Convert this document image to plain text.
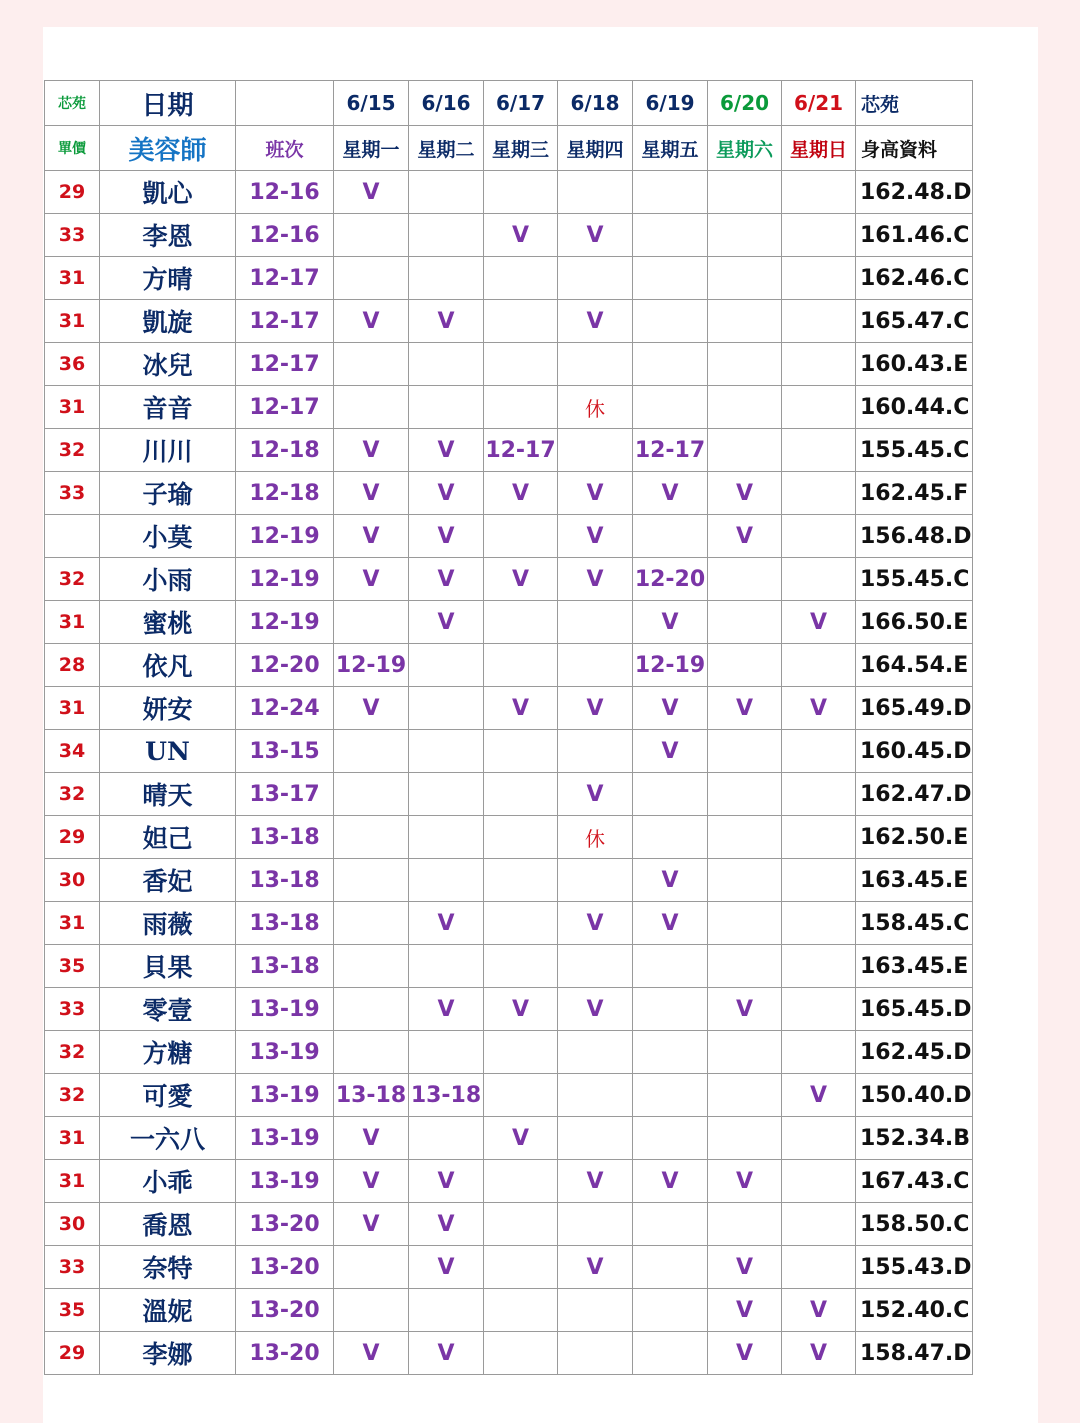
芯苑	日期		6/15	6/16	6/17	6/18	6/19	6/20	6/21	芯苑
單價	美容師	班次	星期一	星期二	星期三	星期四	星期五	星期六	星期日	身高資料
29	凱心	12-16	V							162.48.D
33	李恩	12-16			V	V				161.46.C
31	方晴	12-17								162.46.C
31	凱旋	12-17	V	V		V				165.47.C
36	冰兒	12-17								160.43.E
31	音音	12-17				休				160.44.C
32	川川	12-18	V	V	12-17		12-17			155.45.C
33	子瑜	12-18	V	V	V	V	V	V		162.45.F
	小莫	12-19	V	V		V		V		156.48.D
32	小雨	12-19	V	V	V	V	12-20			155.45.C
31	蜜桃	12-19		V			V		V	166.50.E
28	依凡	12-20	12-19				12-19			164.54.E
31	妍安	12-24	V		V	V	V	V	V	165.49.D
34	UN	13-15					V			160.45.D
32	晴天	13-17				V				162.47.D
29	妲己	13-18				休				162.50.E
30	香妃	13-18					V			163.45.E
31	雨薇	13-18		V		V	V			158.45.C
35	貝果	13-18								163.45.E
33	零壹	13-19		V	V	V		V		165.45.D
32	方糖	13-19								162.45.D
32	可愛	13-19	13-18	13-18					V	150.40.D
31	一六八	13-19	V		V					152.34.B
31	小乖	13-19	V	V		V	V	V		167.43.C
30	喬恩	13-20	V	V						158.50.C
33	奈特	13-20		V		V		V		155.43.D
35	溫妮	13-20						V	V	152.40.C
29	李娜	13-20	V	V				V	V	158.47.D
